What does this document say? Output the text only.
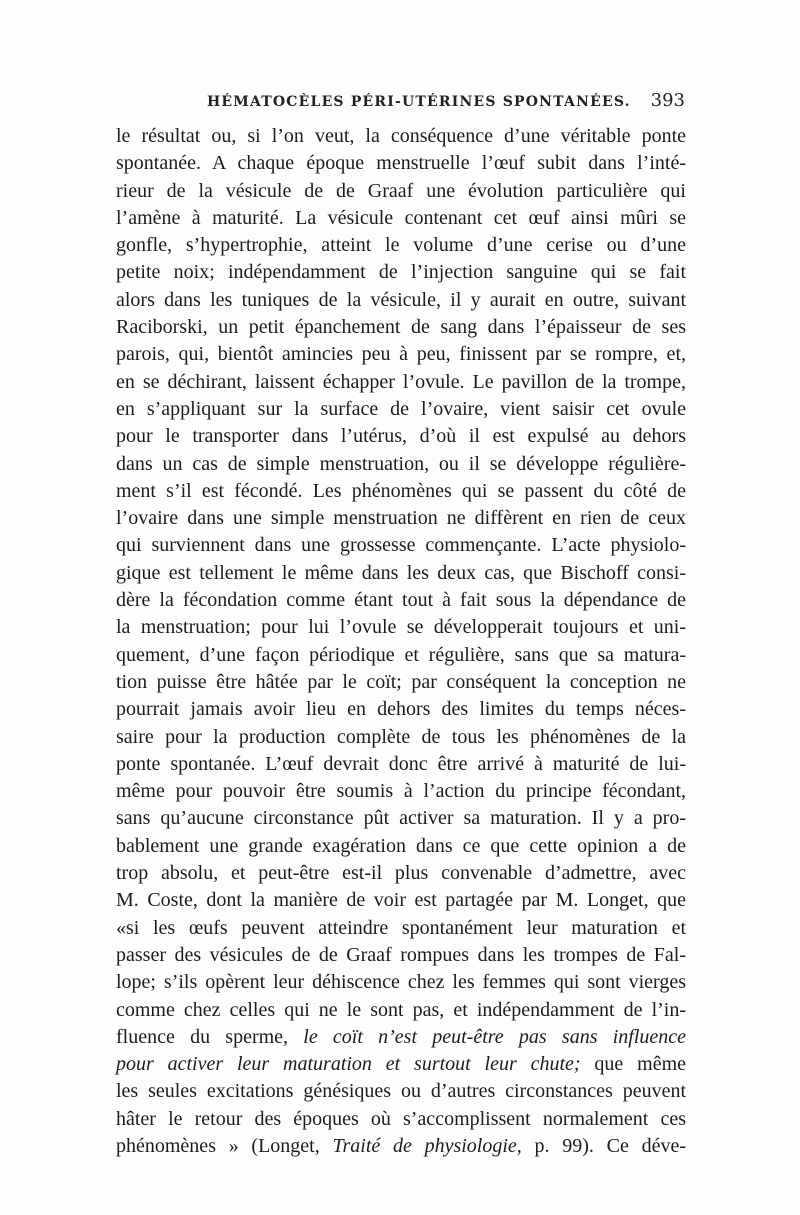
HÉMATOCÈLES PÉRI-UTÉRINES SPONTANÉES. 393
le résultat ou, si l’on veut, la conséquence d’une véritable ponte
spontanée. A chaque époque menstruelle l’œuf subit dans l’inté-
rieur de la vésicule de de Graaf une évolution particulière qui
l’amène à maturité. La vésicule contenant cet œuf ainsi mûri se
gonfle, s’hypertrophie, atteint le volume d’une cerise ou d’une
petite noix; indépendamment de l’injection sanguine qui se fait
alors dans les tuniques de la vésicule, il y aurait en outre, suivant
Raciborski, un petit épanchement de sang dans l’épaisseur de ses
parois, qui, bientôt amincies peu à peu, finissent par se rompre, et,
en se déchirant, laissent échapper l’ovule. Le pavillon de la trompe,
en s’appliquant sur la surface de l’ovaire, vient saisir cet ovule
pour le transporter dans l’utérus, d’où il est expulsé au dehors
dans un cas de simple menstruation, ou il se développe régulière-
ment s’il est fécondé. Les phénomènes qui se passent du côté de
l’ovaire dans une simple menstruation ne diffèrent en rien de ceux
qui surviennent dans une grossesse commençante. L’acte physiolo-
gique est tellement le même dans les deux cas, que Bischoff consi-
dère la fécondation comme étant tout à fait sous la dépendance de
la menstruation; pour lui l’ovule se développerait toujours et uni-
quement, d’une façon périodique et régulière, sans que sa matura-
tion puisse être hâtée par le coït; par conséquent la conception ne
pourrait jamais avoir lieu en dehors des limites du temps néces-
saire pour la production complète de tous les phénomènes de la
ponte spontanée. L’œuf devrait donc être arrivé à maturité de lui-
même pour pouvoir être soumis à l’action du principe fécondant,
sans qu’aucune circonstance pût activer sa maturation. Il y a pro-
bablement une grande exagération dans ce que cette opinion a de
trop absolu, et peut-être est-il plus convenable d’admettre, avec
M. Coste, dont la manière de voir est partagée par M. Longet, que
«si les œufs peuvent atteindre spontanément leur maturation et
passer des vésicules de de Graaf rompues dans les trompes de Fal-
lope; s’ils opèrent leur déhiscence chez les femmes qui sont vierges
comme chez celles qui ne le sont pas, et indépendamment de l’in-
fluence du sperme, le coït n’est peut-être pas sans influence
pour activer leur maturation et surtout leur chute; que même
les seules excitations génésiques ou d’autres circonstances peuvent
hâter le retour des époques où s’accomplissent normalement ces
phénomènes » (Longet, Traité de physiologie, p. 99). Ce déve-
